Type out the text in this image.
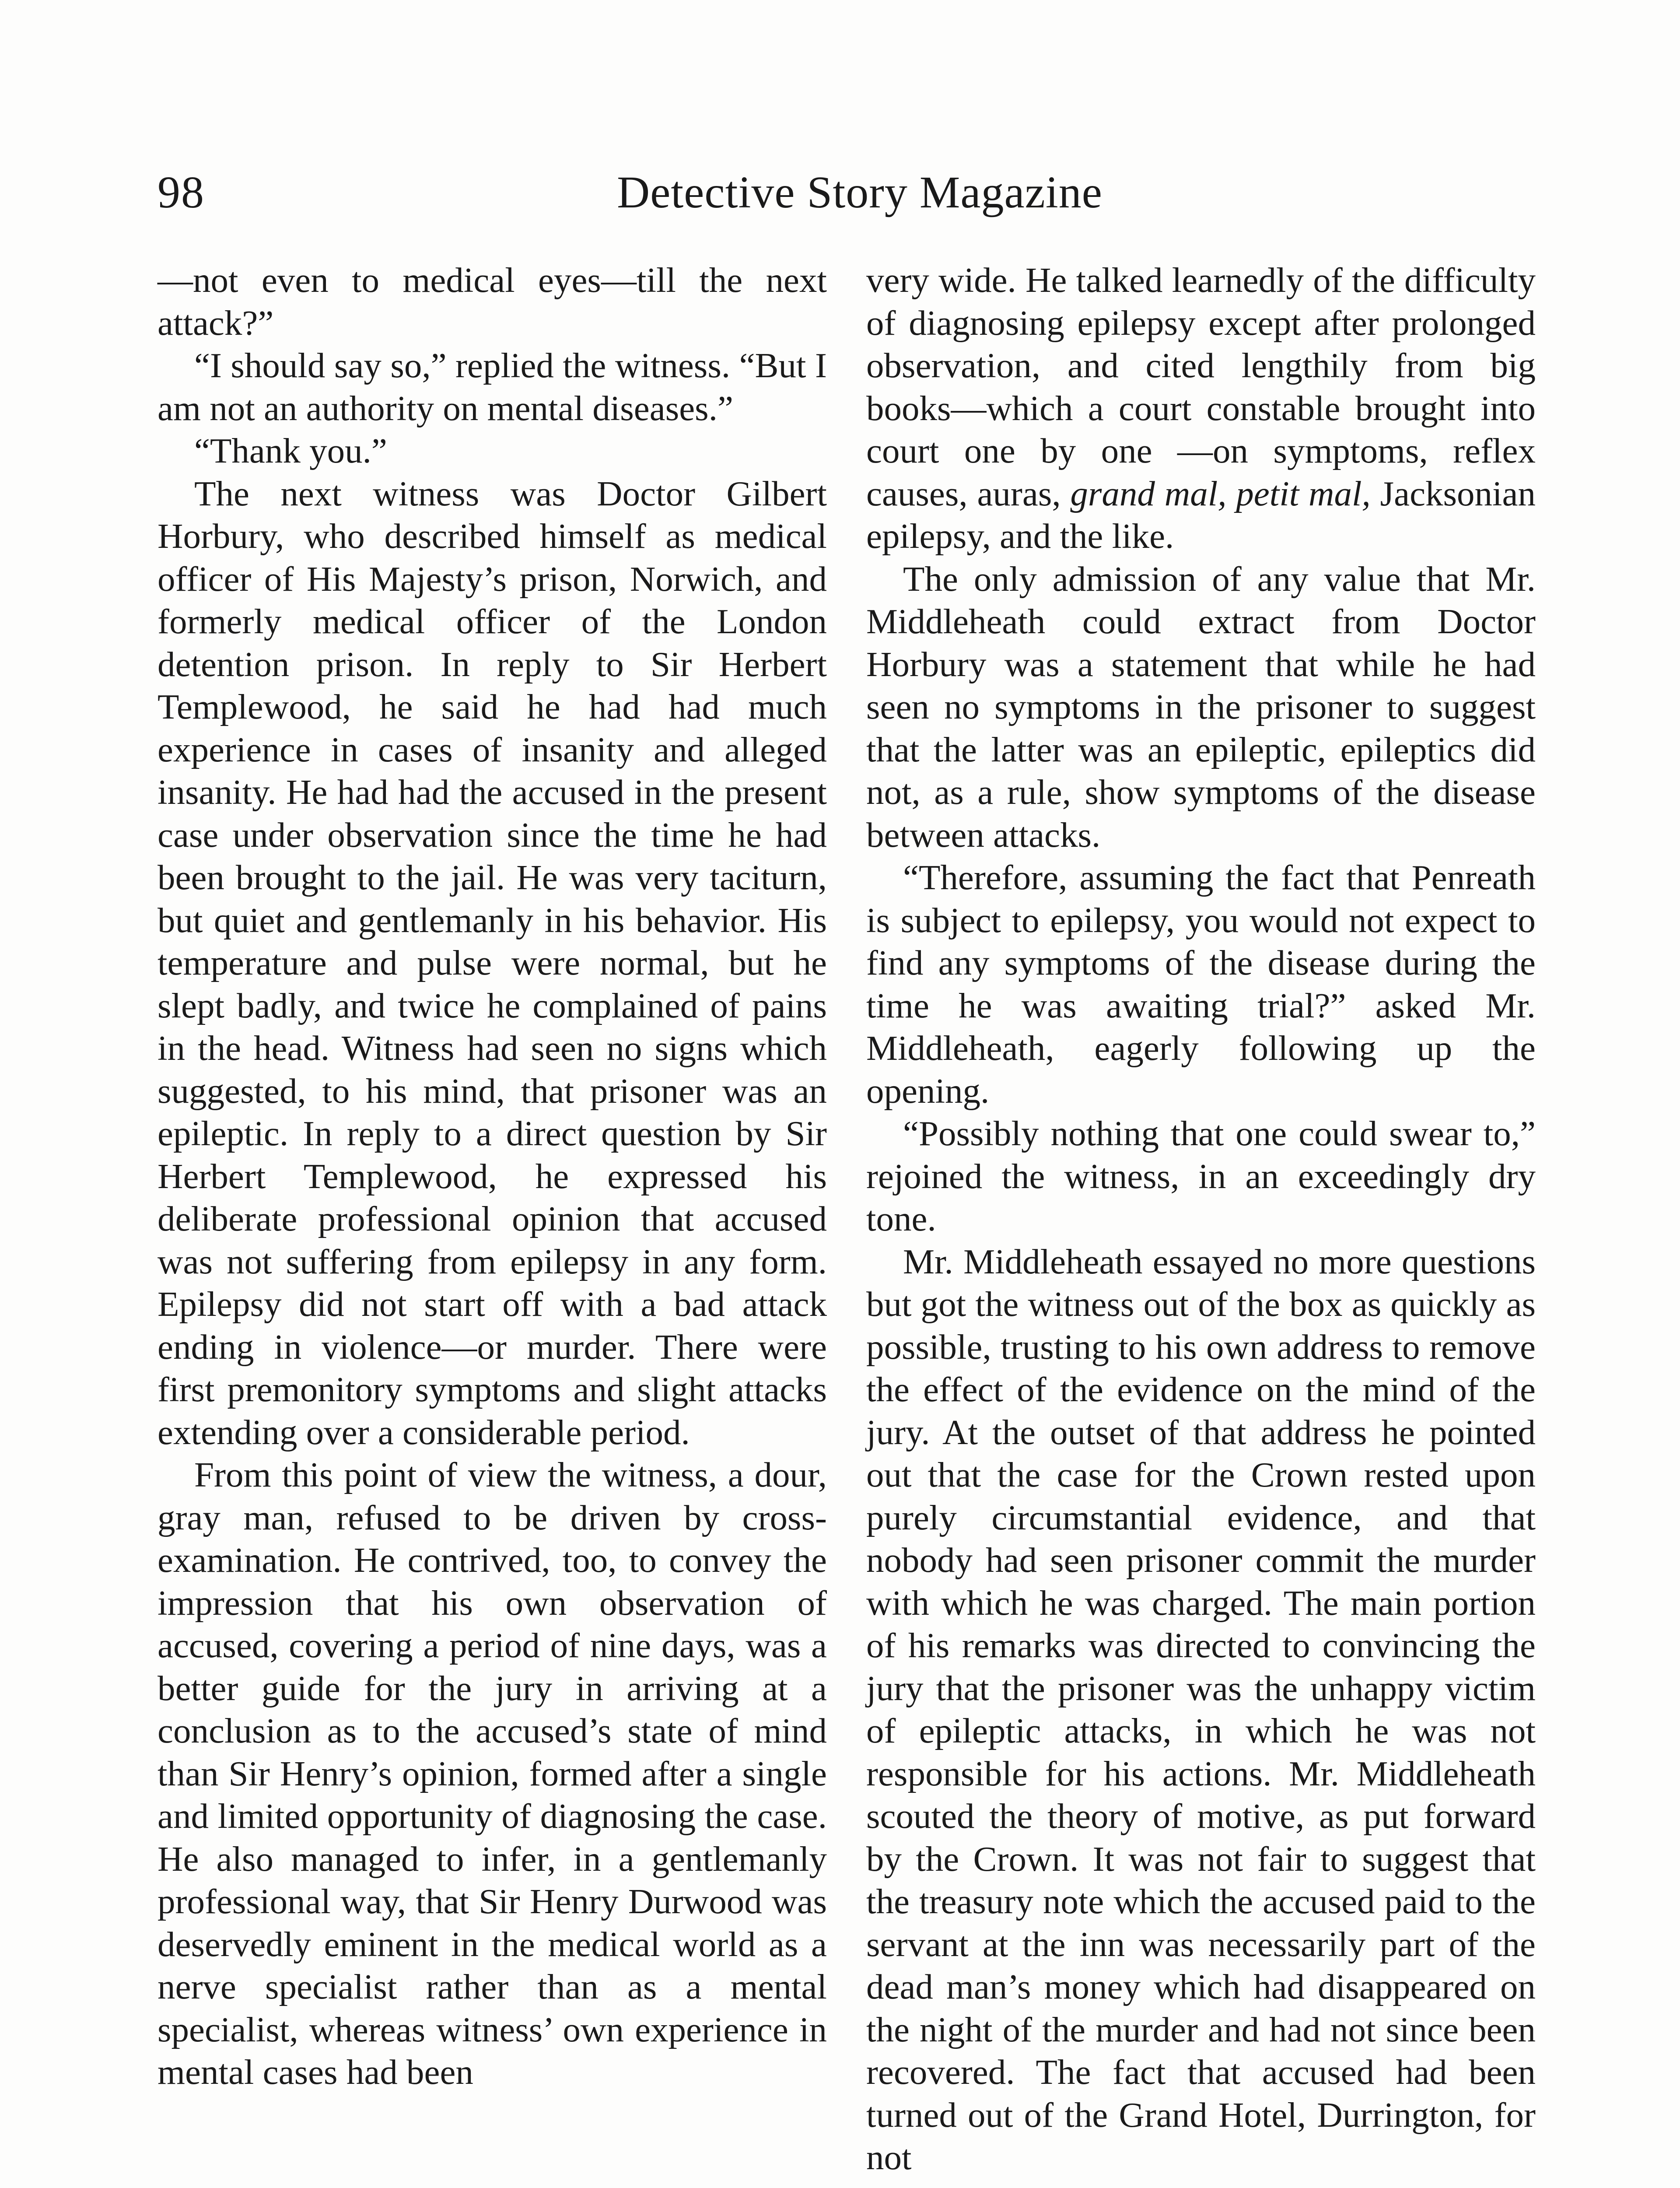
98	Detective Story Magazine

—not even to medical eyes—till the next attack?”

“I should say so,” replied the witness. “But I am not an authority on mental diseases.”

“Thank you.”

The next witness was Doctor Gilbert Horbury, who described himself as medical officer of His Majesty’s prison, Norwich, and formerly medical officer of the London detention prison. In reply to Sir Herbert Templewood, he said he had had much experience in cases of insanity and alleged insanity. He had had the accused in the present case under observation since the time he had been brought to the jail. He was very taciturn, but quiet and gentlemanly in his behavior. His temperature and pulse were normal, but he slept badly, and twice he complained of pains in the head. Witness had seen no signs which suggested, to his mind, that prisoner was an epileptic. In reply to a direct question by Sir Herbert Templewood, he expressed his deliberate professional opinion that accused was not suffering from epilepsy in any form. Epilepsy did not start off with a bad attack ending in violence—or murder. There were first premonitory symptoms and slight attacks extending over a considerable period.

From this point of view the witness, a dour, gray man, refused to be driven by cross-examination. He contrived, too, to convey the impression that his own observation of accused, covering a period of nine days, was a better guide for the jury in arriving at a conclusion as to the accused’s state of mind than Sir Henry’s opinion, formed after a single and limited opportunity of diagnosing the case. He also managed to infer, in a gentlemanly professional way, that Sir Henry Durwood was deservedly eminent in the medical world as a nerve specialist rather than as a mental specialist, whereas witness’ own experience in mental cases had been

very wide. He talked learnedly of the difficulty of diagnosing epilepsy except after prolonged observation, and cited lengthily from big books—which a court constable brought into court one by one —on symptoms, reflex causes, auras, grand mal, petit mal, Jacksonian epilepsy, and the like.

The only admission of any value that Mr. Middleheath could extract from Doctor Horbury was a statement that while he had seen no symptoms in the prisoner to suggest that the latter was an epileptic, epileptics did not, as a rule, show symptoms of the disease between attacks.

“Therefore, assuming the fact that Penreath is subject to epilepsy, you would not expect to find any symptoms of the disease during the time he was awaiting trial?” asked Mr. Middleheath, eagerly following up the opening.

“Possibly nothing that one could swear to,” rejoined the witness, in an exceedingly dry tone.

Mr. Middleheath essayed no more questions but got the witness out of the box as quickly as possible, trusting to his own address to remove the effect of the evidence on the mind of the jury. At the outset of that address he pointed out that the case for the Crown rested upon purely circumstantial evidence, and that nobody had seen prisoner commit the murder with which he was charged. The main portion of his remarks was directed to convincing the jury that the prisoner was the unhappy victim of epileptic attacks, in which he was not responsible for his actions. Mr. Middleheath scouted the theory of motive, as put forward by the Crown. It was not fair to suggest that the treasury note which the accused paid to the servant at the inn was necessarily part of the dead man’s money which had disappeared on the night of the murder and had not since been recovered. The fact that accused had been turned out of the Grand Hotel, Durrington, for not
